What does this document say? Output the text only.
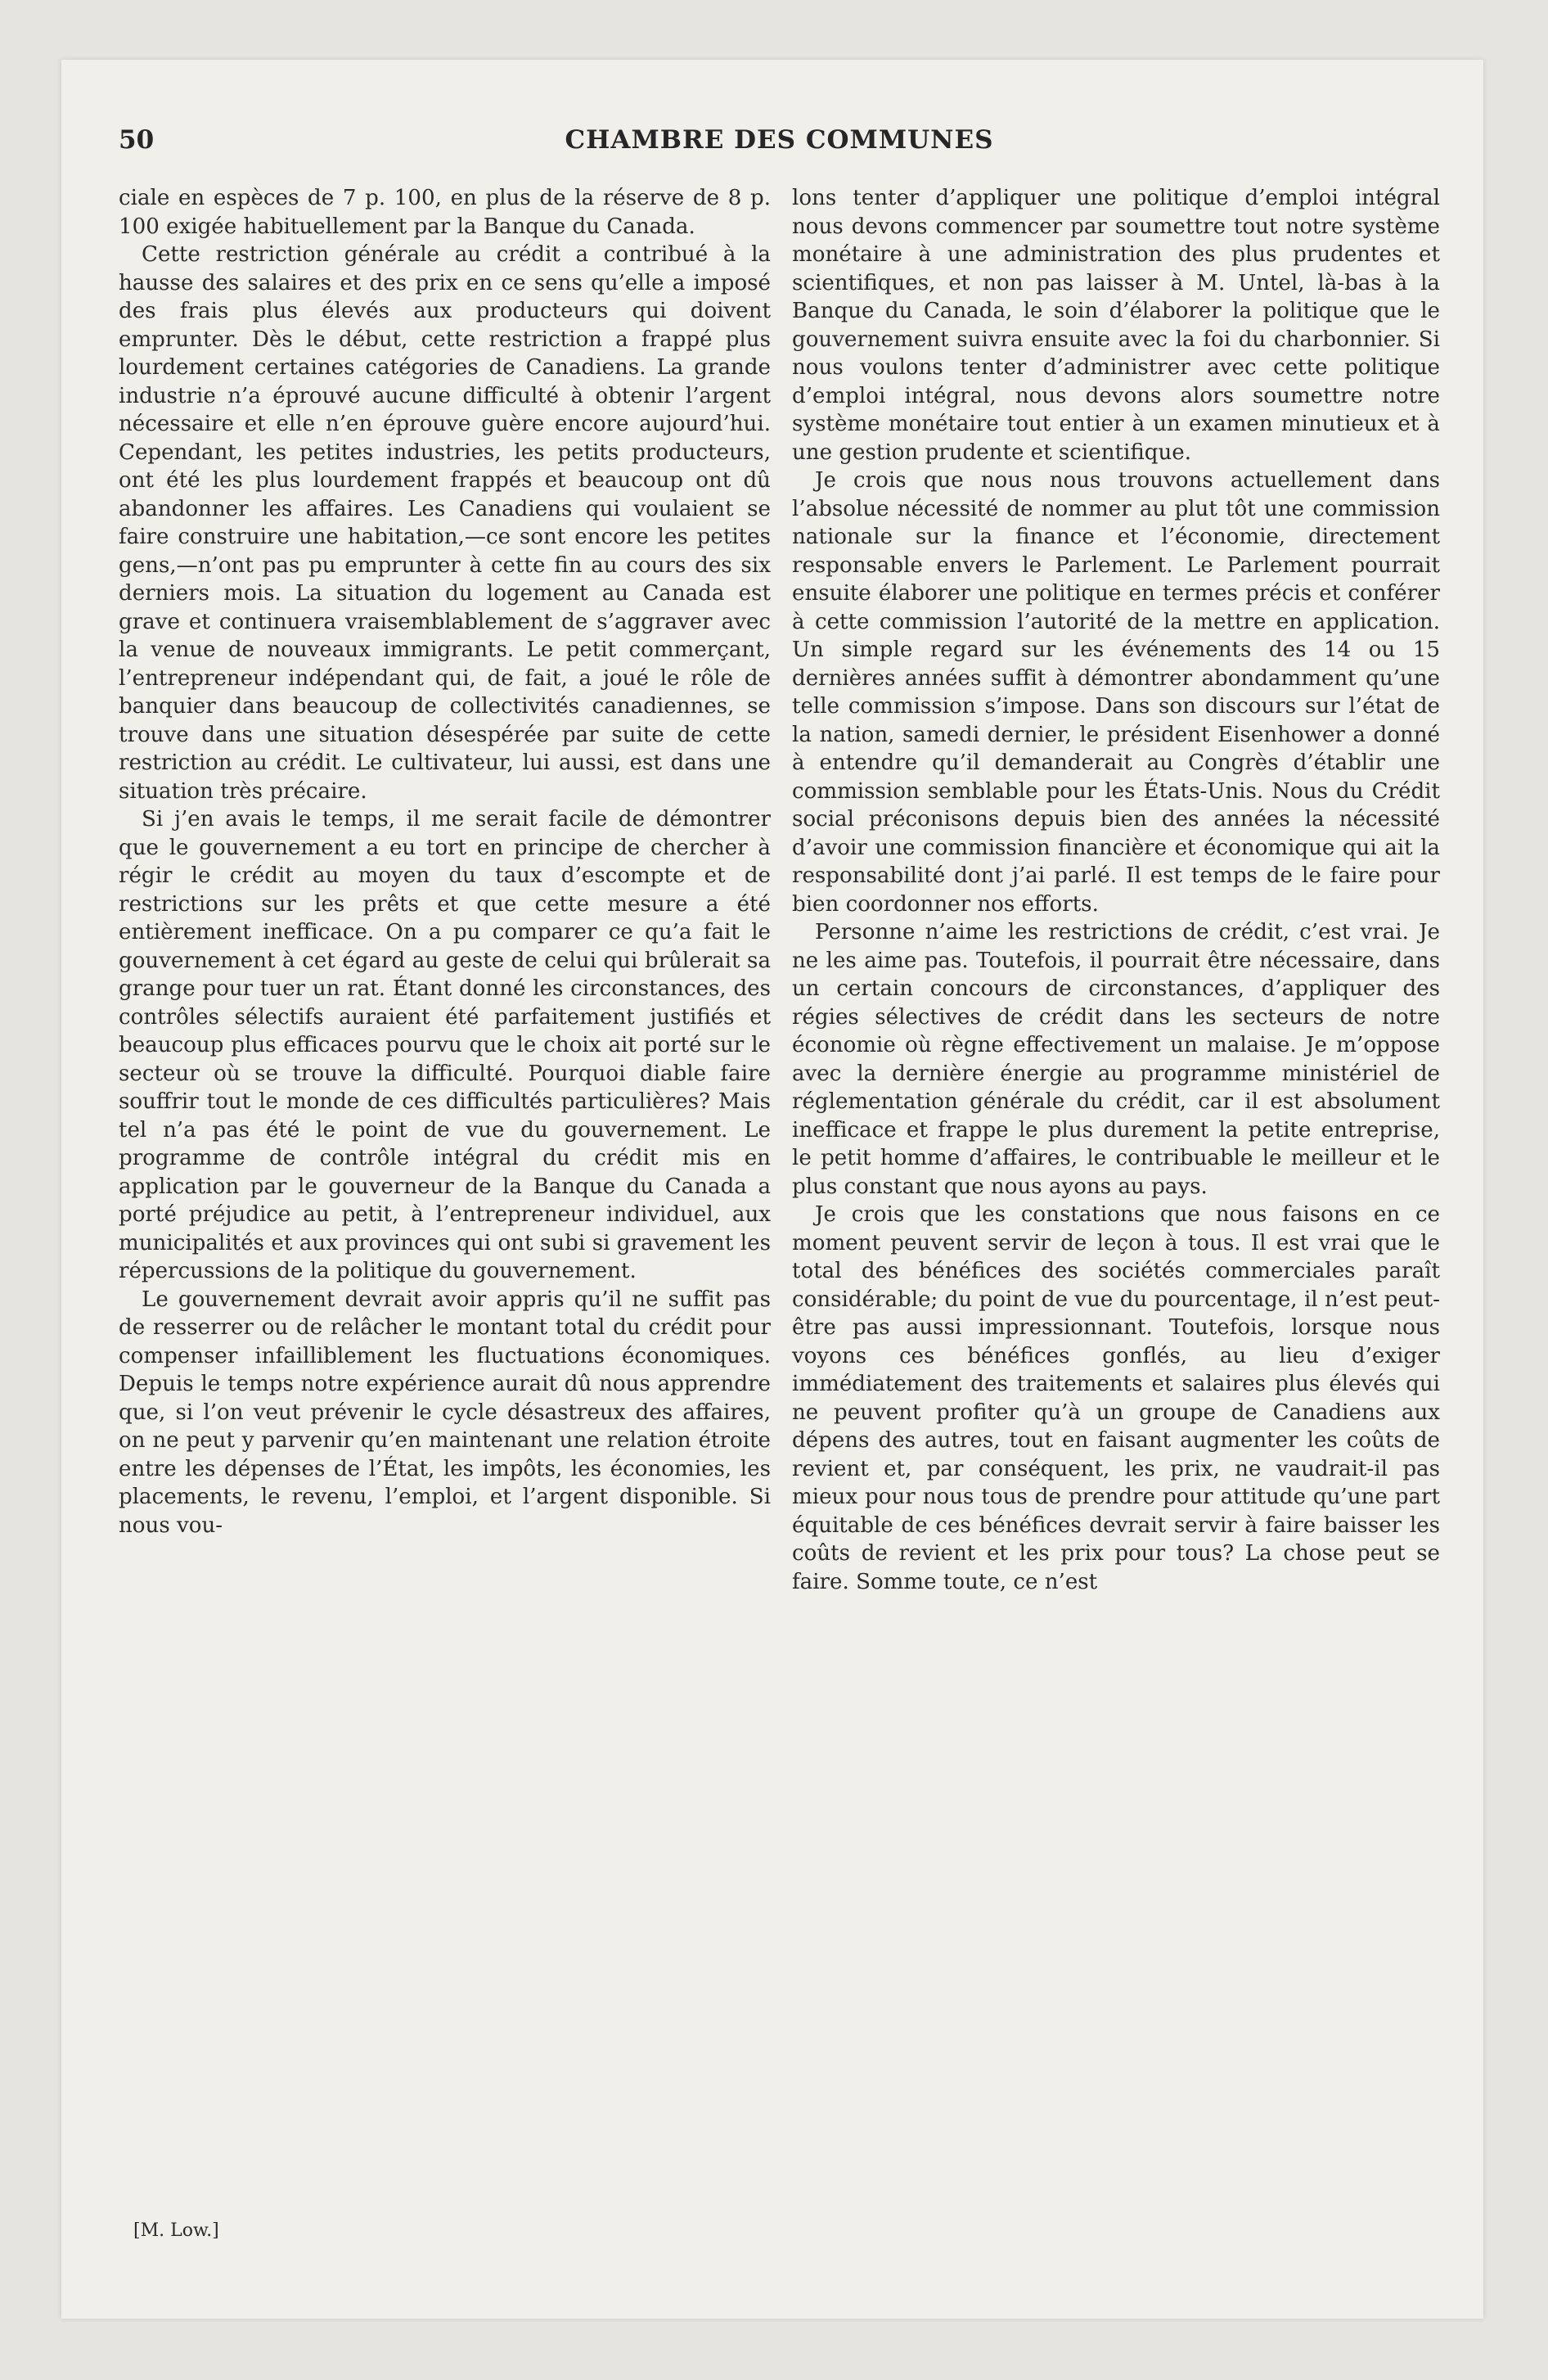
50	CHAMBRE DES COMMUNES

ciale en espèces de 7 p. 100, en plus de la réserve de 8 p. 100 exigée habituellement par la Banque du Canada.

Cette restriction générale au crédit a contribué à la hausse des salaires et des prix en ce sens qu’elle a imposé des frais plus élevés aux producteurs qui doivent emprunter. Dès le début, cette restriction a frappé plus lourdement certaines catégories de Canadiens. La grande industrie n’a éprouvé aucune difficulté à obtenir l’argent nécessaire et elle n’en éprouve guère encore aujourd’hui. Cependant, les petites industries, les petits producteurs, ont été les plus lourdement frappés et beaucoup ont dû abandonner les affaires. Les Canadiens qui voulaient se faire construire une habitation,—ce sont encore les petites gens,—n’ont pas pu emprunter à cette fin au cours des six derniers mois. La situation du logement au Canada est grave et continuera vraisemblablement de s’aggraver avec la venue de nouveaux immigrants. Le petit commerçant, l’entrepreneur indépendant qui, de fait, a joué le rôle de banquier dans beaucoup de collectivités canadiennes, se trouve dans une situation désespérée par suite de cette restriction au crédit. Le cultivateur, lui aussi, est dans une situation très précaire.

Si j’en avais le temps, il me serait facile de démontrer que le gouvernement a eu tort en principe de chercher à régir le crédit au moyen du taux d’escompte et de restrictions sur les prêts et que cette mesure a été entièrement inefficace. On a pu comparer ce qu’a fait le gouvernement à cet égard au geste de celui qui brûlerait sa grange pour tuer un rat. Étant donné les circonstances, des contrôles sélectifs auraient été parfaitement justifiés et beaucoup plus efficaces pourvu que le choix ait porté sur le secteur où se trouve la difficulté. Pourquoi diable faire souffrir tout le monde de ces difficultés particulières? Mais tel n’a pas été le point de vue du gouvernement. Le programme de contrôle intégral du crédit mis en application par le gouverneur de la Banque du Canada a porté préjudice au petit, à l’entrepreneur individuel, aux municipalités et aux provinces qui ont subi si gravement les répercussions de la politique du gouvernement.

Le gouvernement devrait avoir appris qu’il ne suffit pas de resserrer ou de relâcher le montant total du crédit pour compenser infailliblement les fluctuations économiques. Depuis le temps notre expérience aurait dû nous apprendre que, si l’on veut prévenir le cycle désastreux des affaires, on ne peut y parvenir qu’en maintenant une relation étroite entre les dépenses de l’État, les impôts, les économies, les placements, le revenu, l’emploi, et l’argent disponible. Si nous vou-

lons tenter d’appliquer une politique d’emploi intégral nous devons commencer par soumettre tout notre système monétaire à une administration des plus prudentes et scientifiques, et non pas laisser à M. Untel, là-bas à la Banque du Canada, le soin d’élaborer la politique que le gouvernement suivra ensuite avec la foi du charbonnier. Si nous voulons tenter d’administrer avec cette politique d’emploi intégral, nous devons alors soumettre notre système monétaire tout entier à un examen minutieux et à une gestion prudente et scientifique.

Je crois que nous nous trouvons actuellement dans l’absolue nécessité de nommer au plut tôt une commission nationale sur la finance et l’économie, directement responsable envers le Parlement. Le Parlement pourrait ensuite élaborer une politique en termes précis et conférer à cette commission l’autorité de la mettre en application. Un simple regard sur les événements des 14 ou 15 dernières années suffit à démontrer abondamment qu’une telle commission s’impose. Dans son discours sur l’état de la nation, samedi dernier, le président Eisenhower a donné à entendre qu’il demanderait au Congrès d’établir une commission semblable pour les États-Unis. Nous du Crédit social préconisons depuis bien des années la nécessité d’avoir une commission financière et économique qui ait la responsabilité dont j’ai parlé. Il est temps de le faire pour bien coordonner nos efforts.

Personne n’aime les restrictions de crédit, c’est vrai. Je ne les aime pas. Toutefois, il pourrait être nécessaire, dans un certain concours de circonstances, d’appliquer des régies sélectives de crédit dans les secteurs de notre économie où règne effectivement un malaise. Je m’oppose avec la dernière énergie au programme ministériel de réglementation générale du crédit, car il est absolument inefficace et frappe le plus durement la petite entreprise, le petit homme d’affaires, le contribuable le meilleur et le plus constant que nous ayons au pays.

Je crois que les constations que nous faisons en ce moment peuvent servir de leçon à tous. Il est vrai que le total des bénéfices des sociétés commerciales paraît considérable; du point de vue du pourcentage, il n’est peut-être pas aussi impressionnant. Toutefois, lorsque nous voyons ces bénéfices gonflés, au lieu d’exiger immédiatement des traitements et salaires plus élevés qui ne peuvent profiter qu’à un groupe de Canadiens aux dépens des autres, tout en faisant augmenter les coûts de revient et, par conséquent, les prix, ne vaudrait-il pas mieux pour nous tous de prendre pour attitude qu’une part équitable de ces bénéfices devrait servir à faire baisser les coûts de revient et les prix pour tous? La chose peut se faire. Somme toute, ce n’est

[M. Low.]
